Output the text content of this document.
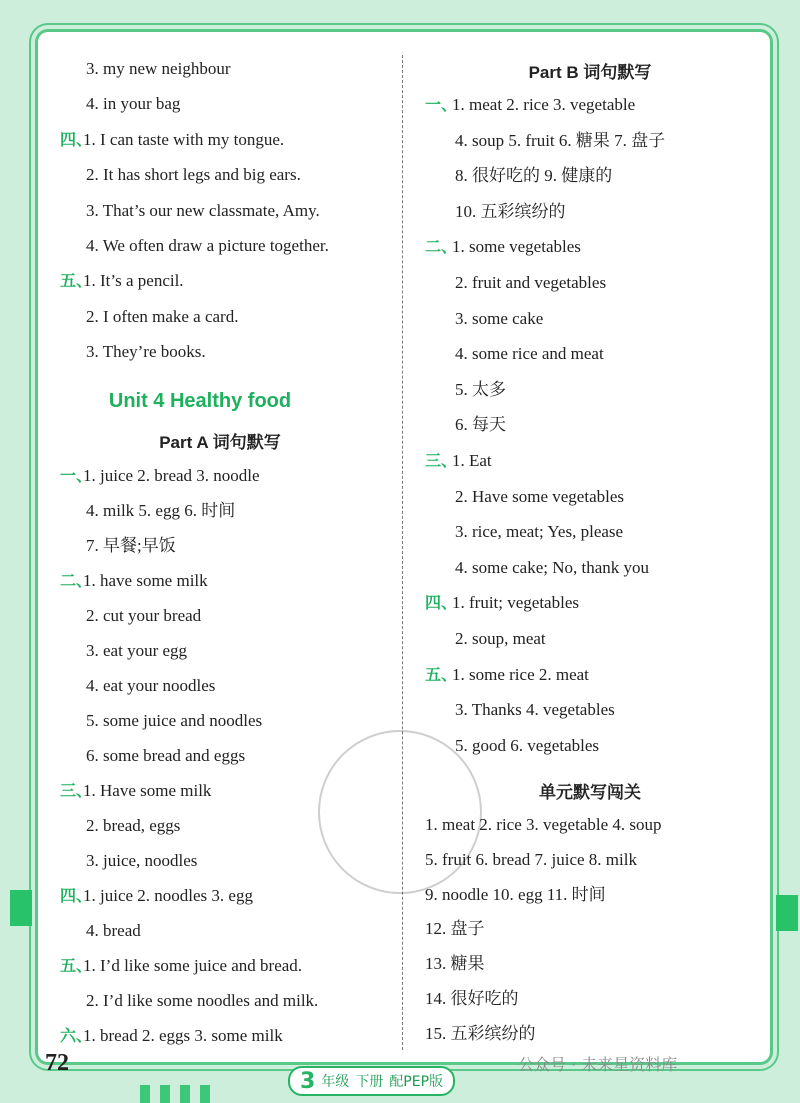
3. my new neighbour
4. in your bag
四、
1. I can taste with my tongue.
2. It has short legs and big ears.
3. That’s our new classmate, Amy.
4. We often draw a picture together.
五、
1. It’s a pencil.
2. I often make a card.
3. They’re books.
Unit 4 Healthy food
Part A 词句默写
一、
1. juice 2. bread 3. noodle
4. milk 5. egg 6. 时间
7. 早餐;早饭
二、
1. have some milk
2. cut your bread
3. eat your egg
4. eat your noodles
5. some juice and noodles
6. some bread and eggs
三、
1. Have some milk
2. bread, eggs
3. juice, noodles
四、
1. juice 2. noodles 3. egg
4. bread
五、
1. I’d like some juice and bread.
2. I’d like some noodles and milk.
六、
1. bread 2. eggs 3. some milk
Part B 词句默写
一、
1. meat 2. rice 3. vegetable
4. soup 5. fruit 6. 糖果 7. 盘子
8. 很好吃的 9. 健康的
10. 五彩缤纷的
二、
1. some vegetables
2. fruit and vegetables
3. some cake
4. some rice and meat
5. 太多
6. 每天
三、
1. Eat
2. Have some vegetables
3. rice, meat; Yes, please
4. some cake; No, thank you
四、
1. fruit; vegetables
2. soup, meat
五、
1. some rice 2. meat
3. Thanks 4. vegetables
5. good 6. vegetables
单元默写闯关
1. meat 2. rice 3. vegetable 4. soup
5. fruit 6. bread 7. juice 8. milk
9. noodle 10. egg 11. 时间
12. 盘子
13. 糖果
14. 很好吃的
15. 五彩缤纷的
72
3 年级 下册 配PEP版
公众号 · 未来星资料库
